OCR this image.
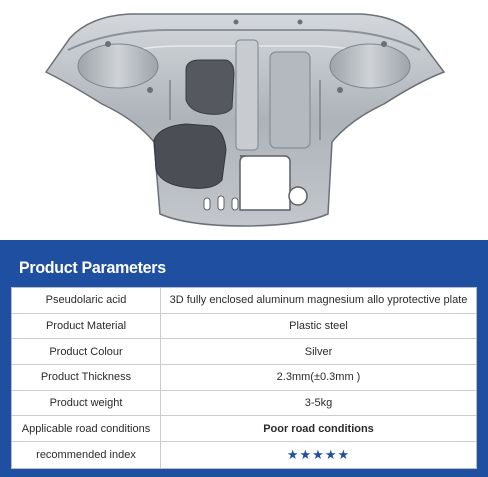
Product Parameters
Pseudolaric acid	3D fully enclosed aluminum magnesium allo yprotective plate
Product Material	Plastic steel
Product Colour	Silver
Product Thickness	2.3mm(±0.3mm )
Product weight	3-5kg
Applicable road conditions	Poor road conditions
recommended index	★★★★★
